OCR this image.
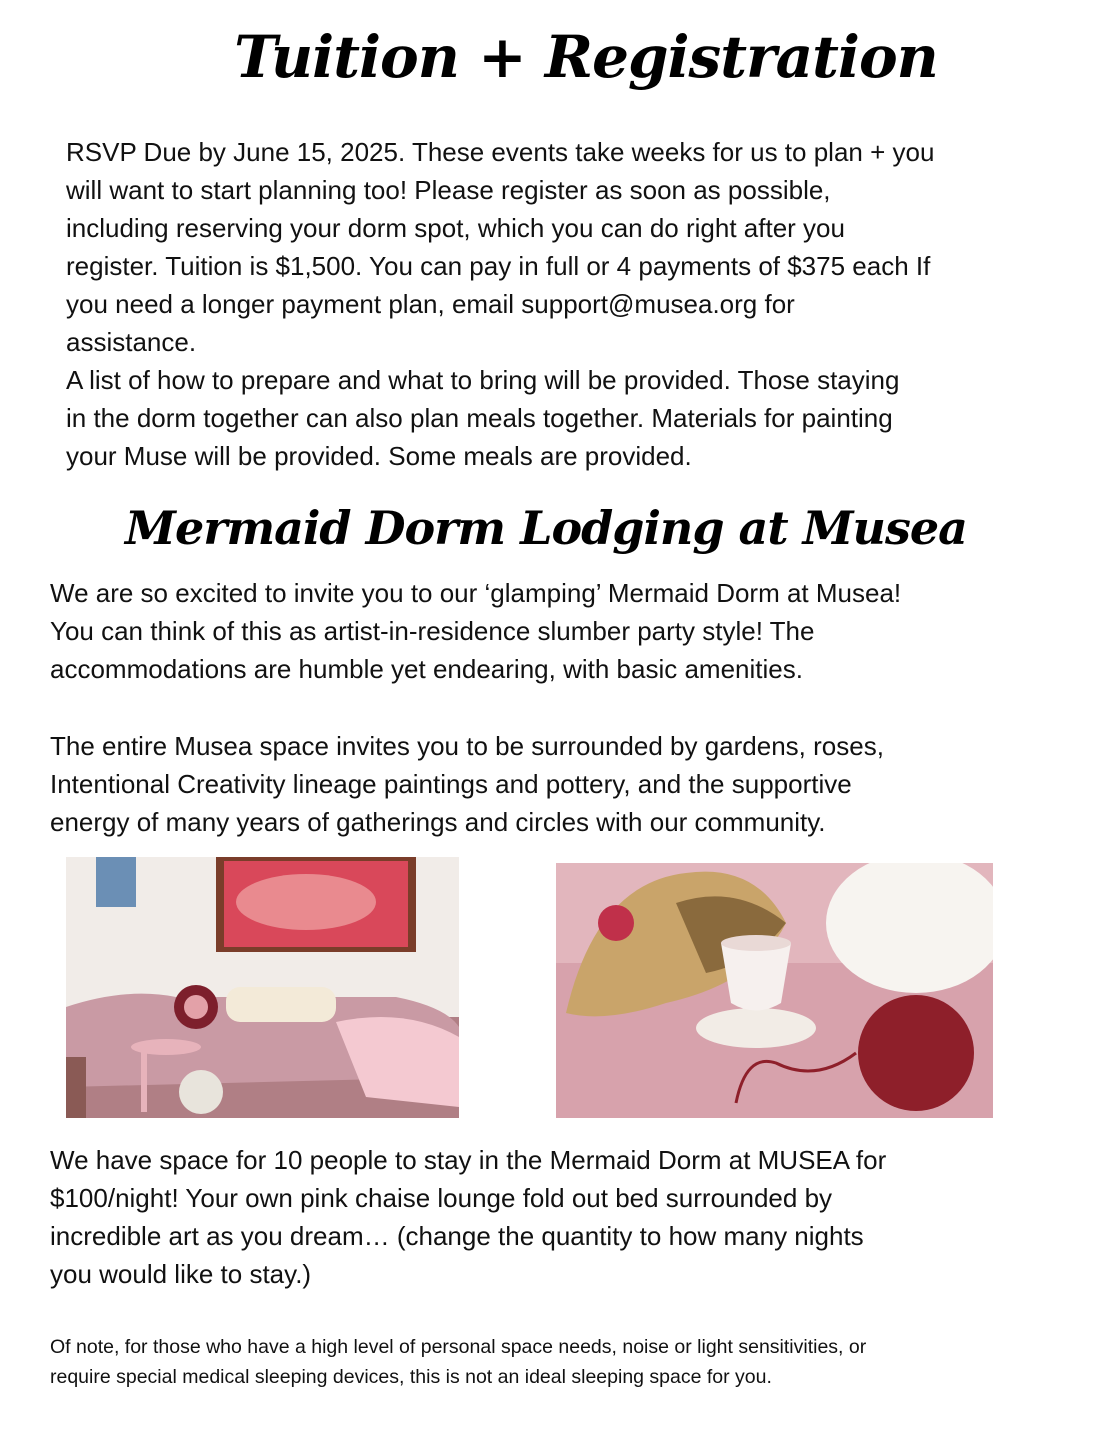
Tuition + Registration
RSVP Due by June 15, 2025. These events take weeks for us to plan + you
will want to start planning too! Please register as soon as possible,
including reserving your dorm spot, which you can do right after you
register. Tuition is $1,500. You can pay in full or 4 payments of $375 each If
you need a longer payment plan, email support@musea.org for
assistance.
A list of how to prepare and what to bring will be provided. Those staying
in the dorm together can also plan meals together. Materials for painting
your Muse will be provided. Some meals are provided.
Mermaid Dorm Lodging at Musea
We are so excited to invite you to our ‘glamping’ Mermaid Dorm at Musea!
You can think of this as artist-in-residence slumber party style! The
accommodations are humble yet endearing, with basic amenities.
The entire Musea space invites you to be surrounded by gardens, roses,
Intentional Creativity lineage paintings and pottery, and the supportive
energy of many years of gatherings and circles with our community.
We have space for 10 people to stay in the Mermaid Dorm at MUSEA for
$100/night! Your own pink chaise lounge fold out bed surrounded by
incredible art as you dream… (change the quantity to how many nights
you would like to stay.)
Of note, for those who have a high level of personal space needs, noise or light sensitivities, or
require special medical sleeping devices, this is not an ideal sleeping space for you.
